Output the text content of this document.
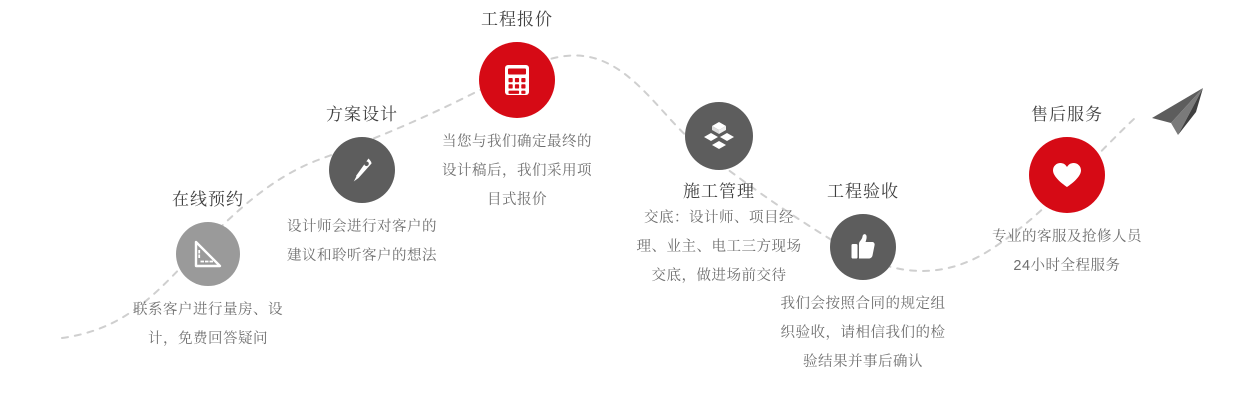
在线预约
联系客户进行量房、设计，免费回答疑问
方案设计
设计师会进行对客户的建议和聆听客户的想法
工程报价
当您与我们确定最终的设计稿后，我们采用项目式报价	施工管理
交底：设计师、项目经理、业主、电工三方现场交底，做进场前交待
工程验收
我们会按照合同的规定组织验收，请相信我们的检验结果并事后确认
售后服务
专业的客服及抢修人员24小时全程服务
